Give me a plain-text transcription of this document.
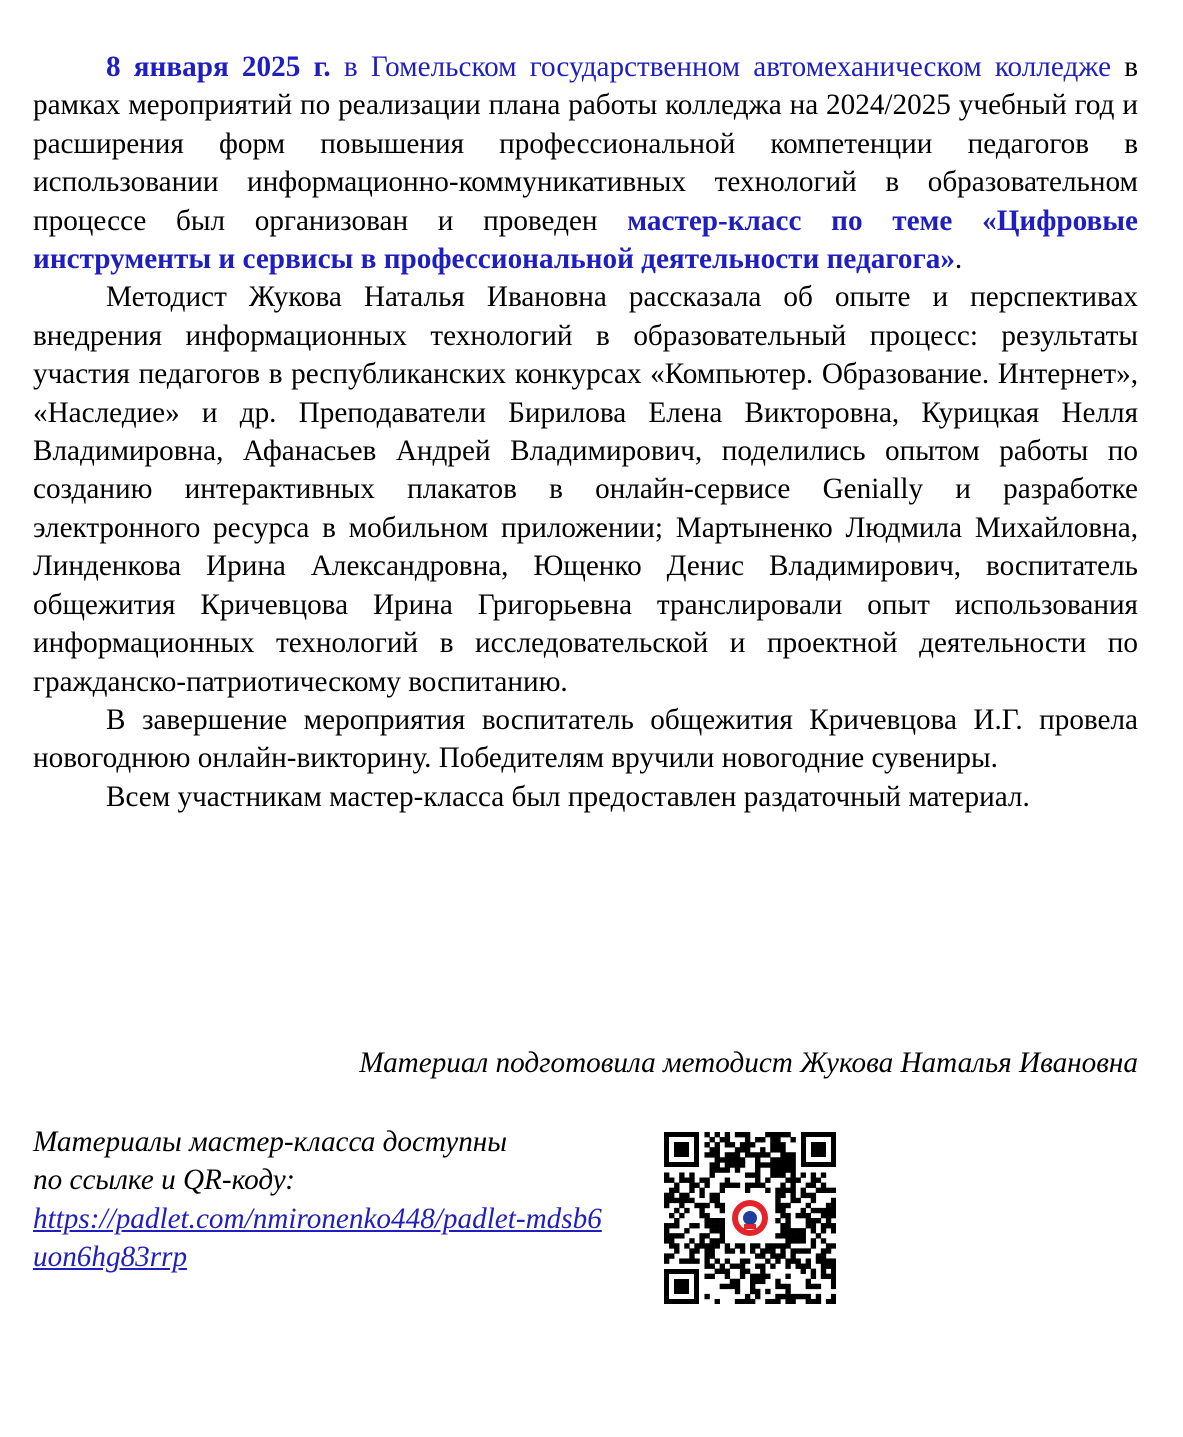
8 января 2025 г. в Гомельском государственном автомеханическом колледже в рамках мероприятий по реализации плана работы колледжа на 2024/2025 учебный год и расширения форм повышения профессиональной компетенции педагогов в использовании информационно-коммуникативных технологий в образовательном процессе был организован и проведен мастер-класс по теме «Цифровые инструменты и сервисы в профессиональной деятельности педагога».

Методист Жукова Наталья Ивановна рассказала об опыте и перспективах внедрения информационных технологий в образовательный процесс: результаты участия педагогов в республиканских конкурсах «Компьютер. Образование. Интернет», «Наследие» и др. Преподаватели Бирилова Елена Викторовна, Курицкая Нелля Владимировна, Афанасьев Андрей Владимирович, поделились опытом работы по созданию интерактивных плакатов в онлайн-сервисе Genially и разработке электронного ресурса в мобильном приложении; Мартыненко Людмила Михайловна, Линденкова Ирина Александровна, Ющенко Денис Владимирович, воспитатель общежития Кричевцова Ирина Григорьевна транслировали опыт использования информационных технологий в исследовательской и проектной деятельности по гражданско-патриотическому воспитанию.

В завершение мероприятия воспитатель общежития Кричевцова И.Г. провела новогоднюю онлайн-викторину. Победителям вручили новогодние сувениры.

Всем участникам мастер-класса был предоставлен раздаточный материал.

Материал подготовила методист Жукова Наталья Ивановна
Материалы мастер-класса доступны
по ссылке и QR-коду:
https://padlet.com/nmironenko448/padlet-mdsb6uon6hg83rrp
